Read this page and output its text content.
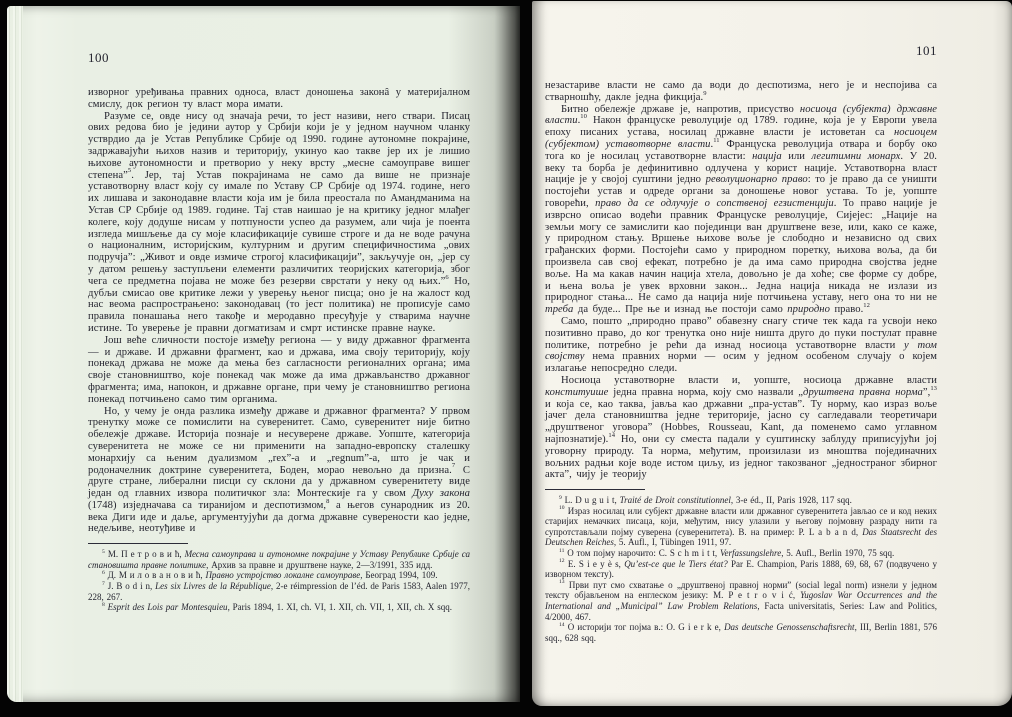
100

изворног уређивања правних односа, власт доношења законâ у материјалном смислу, док регион ту власт мора имати.

Разуме се, овде нису од значаја речи, то јест називи, него ствари. Писац ових редова био је једини аутор у Србији који је у једном научном чланку устврдио да је Устав Републике Србије од 1990. године аутономне покрајине, задржавајући њихов назив и територију, укинуо као такве јер их је лишио њихове аутономности и претворио у неку врсту „месне самоуправе вишег степена”$^5$. Јер, тај Устав покрајинама не само да више не признаје уставотворну власт коју су имале по Уставу СР Србије од 1974. године, него их лишава и законодавне власти која им је била преостала по Амандманима на Устав СР Србије од 1989. године. Тај став наишао је на критику једног млађег колеге, коју додуше нисам у потпуности успео да разумем, али чија је поента изгледа мишљење да су моје класификације сувише строге и да не воде рачуна о националним, историјским, културним и другим специфичностима „ових подручја”: „Живот и овде измиче строгој класификацији”, закључује он, „јер су у датом решењу заступљени елементи различитих теоријских категорија, због чега се предметна појава не може без резерви сврстати у неку од њих.”$^6$ Но, дубљи смисао ове критике лежи у уверењу њеног писца; оно је на жалост код нас веома распрострањено: законодавац (то јест политика) не прописује само правила понашања него такође и меродавно пресуђује у стварима научне истине. То уверење је правни догматизам и смрт истинске правне науке.

Још веће сличности постоје између региона — у виду државног фрагмента — и државе. И државни фрагмент, као и држава, има своју територију, коју понекад држава не може да мења без сагласности регионалних органа; има своје становништво, које понекад чак може да има држављанство државног фрагмента; има, напокон, и државне органе, при чему је становништво региона понекад потчињено само тим органима.

Но, у чему је онда разлика између државе и државног фрагмента? У првом тренутку може се помислити на суверенитет. Само, суверенитет није битно обележје државе. Историја познаје и несуверене државе. Уопште, категорија суверенитета не може се ни применити на западно-европску сталешку монархију са њеним дуализмом „rex”-а и „regnum”-а, што је чак и родоначелник доктрине суверенитета, Боден, морао невољно да призна.$^7$ С друге стране, либерални писци су склони да у државном суверенитету виде један од главних извора политичког зла: Монтескије га у свом Духу закона (1748) изједначава са тиранијом и деспотизмом,$^8$ а његов сународник из 20. века Диги иде и даље, аргументујући да догма државне суверености као једне, недељиве, неотуђиве и

$^5$ М. П е т р о в и ћ, Месна самоуправа и аутономне покрајине у Уставу Републике Србије са становишта правне политике, Архив за правне и друштвене науке, 2—3/1991, 335 идд.

$^6$ Д. М и л о в а н о в и ћ, Правно устројство локалне самоуправе, Београд 1994, 109.

$^7$ J. B o d i n, Les six Livres de la République, 2-е réimpression de l’éd. de Paris 1583, Aalen 1977, 228, 267.

$^8$ Esprit des Lois par Montesquieu, Paris 1894, 1. XI, ch. VI, 1. XII, ch. VII, 1, XII, ch. X sqq.

101

незастариве власти не само да води до деспотизма, него је и неспојива са стварношћу, дакле једна фикција.$^9$

Битно обележје државе је, напротив, присуство носиоца (субјекта) државне власти.$^{10}$ Након француске револуције од 1789. године, која је у Европи увела епоху писаних устава, носилац државне власти је истоветан са носиоцем (субјектом) уставотворне власти.$^{11}$ Француска револуција отвара и борбу око тога ко је носилац уставотворне власти: нација или легитимни монарх. У 20. веку та борба је дефинитивно одлучена у корист нације. Уставотворна власт нације је у својој суштини једно револуционарно право: то је право да се уништи постојећи устав и одреде органи за доношење новог устава. То је, уопште говорећи, право да се одлучује о сопственој егзистенцији. То право нације је изврсно описао водећи правник Француске револуције, Сијејес: „Нације на земљи могу се замислити као појединци ван друштвене везе, или, како се каже, у природном стању. Вршење њихове воље је слободно и независно од свих грађанских форми. Постојећи само у природном поретку, њихова воља, да би произвела сав свој ефекат, потребно је да има само природна својства једне воље. На ма какав начин нација хтела, довољно је да хоће; све форме су добре, и њена воља је увек врховни закон... Једна нација никада не излази из природног стања... Не само да нација није потчињена уставу, него она то ни не треба да буде... Пре ње и изнад ње постоји само природно право.$^{12}$

Само, пошто „природно право” обавезну снагу стиче тек када га усвоји неко позитивно право, до ког тренутка оно није ништа друго до пуки постулат правне политике, потребно је рећи да изнад носиоца уставотворне власти у том својству нема правних норми — осим у једном особеном случају о којем излагање непосредно следи.

Носиоца уставотворне власти и, уопште, носиоца државне власти конституише једна правна норма, коју смо назвали „друштвена правна норма”,$^{13}$ и која се, као таква, јавља као државни „пра-устав”. Ту норму, као израз воље јачег дела становништва једне територије, јасно су сагледавали теоретичари „друштвеног уговора” (Hobbes, Rousseau, Kant, да поменемо само углавном најпознатије).$^{14}$ Но, они су сместа падали у суштинску заблуду приписујући јој уговорну природу. Та норма, међутим, произилази из мноштва појединачних вољних радњи које воде истом циљу, из једног такозваног „једностраног збирног акта”, чију је теорију

$^9$ L. D u g u i t, Traité de Droit constitutionnel, 3-е éd., II, Paris 1928, 117 sqq.

$^{10}$ Израз носилац или субјект државне власти или државног суверенитета јављао се и код неких старијих немачких писаца, који, међутим, нису улазили у његову појмовну разраду нити га супротстављали појму суверена (суверенитета). В. на пример: P. L a b a n d, Das Staatsrecht des Deutschen Reiches, 5. Aufl., I, Tübingen 1911, 97.

$^{11}$ О том појму нарочито: C. S c h m i t t, Verfassungslehre, 5. Aufl., Berlin 1970, 75 sqq.

$^{12}$ E. S i e y è s, Qu’est-ce que le Tiers état? Par E. Champion, Paris 1888, 69, 68, 67 (подвучено у изворном тексту).

$^{13}$ Први пут смо схватање о „друштвеној правној норми” (social legal norm) изнели у једном тексту објављеном на енглеском језику: M. P e t r o v i ć, Yugoslav War Occurrences and the International and „Municipal” Law Problem Relations, Facta universitatis, Series: Law and Politics, 4/2000, 467.

$^{14}$ О историји тог појма в.: O. G i e r k e, Das deutsche Genossenschaftsrecht, III, Berlin 1881, 576 sqq., 628 sqq.
